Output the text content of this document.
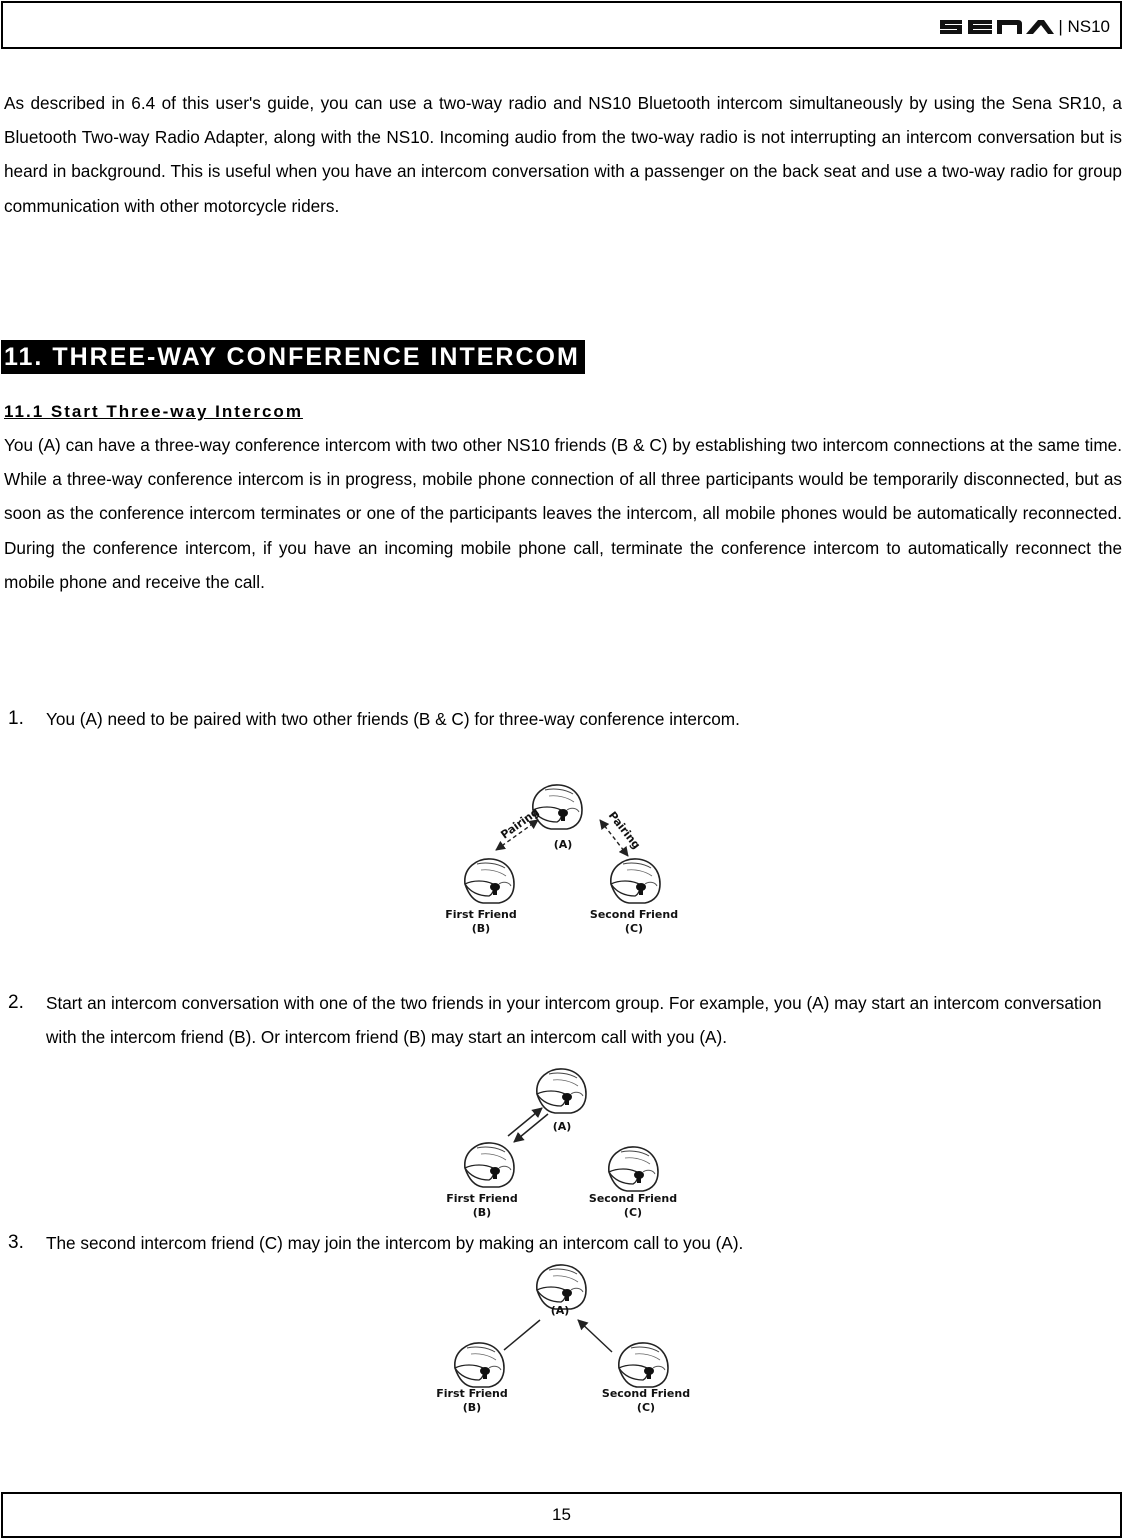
| NS10

As described in 6.4 of this user's guide, you can use a two-way radio and NS10 Bluetooth intercom simultaneously by using the Sena SR10, a Bluetooth Two-way Radio Adapter, along with the NS10. Incoming audio from the two-way radio is not interrupting an intercom conversation but is heard in background. This is useful when you have an intercom conversation with a passenger on the back seat and use a two-way radio for group communication with other motorcycle riders.

11. THREE-WAY CONFERENCE INTERCOM
11.1 Start Three-way Intercom

You (A) can have a three-way conference intercom with two other NS10 friends (B & C) by establishing two intercom connections at the same time. While a three-way conference intercom is in progress, mobile phone connection of all three participants would be temporarily disconnected, but as soon as the conference intercom terminates or one of the participants leaves the intercom, all mobile phones would be automatically reconnected. During the conference intercom, if you have an incoming mobile phone call, terminate the conference intercom to automatically reconnect the mobile phone and receive the call.

1. You (A) need to be paired with two other friends (B & C) for three-way conference intercom.
(A)
Pairing	Pairing
First Friend
(B)
Second Friend
(C)
2. Start an intercom conversation with one of the two friends in your intercom group. For example, you (A) may start an intercom conversation with the intercom friend (B). Or intercom friend (B) may start an intercom call with you (A).
(A)
First Friend
(B)
Second Friend
(C)
3. The second intercom friend (C) may join the intercom by making an intercom call to you (A).
(A)
First Friend
(B)
Second Friend
(C)
15
